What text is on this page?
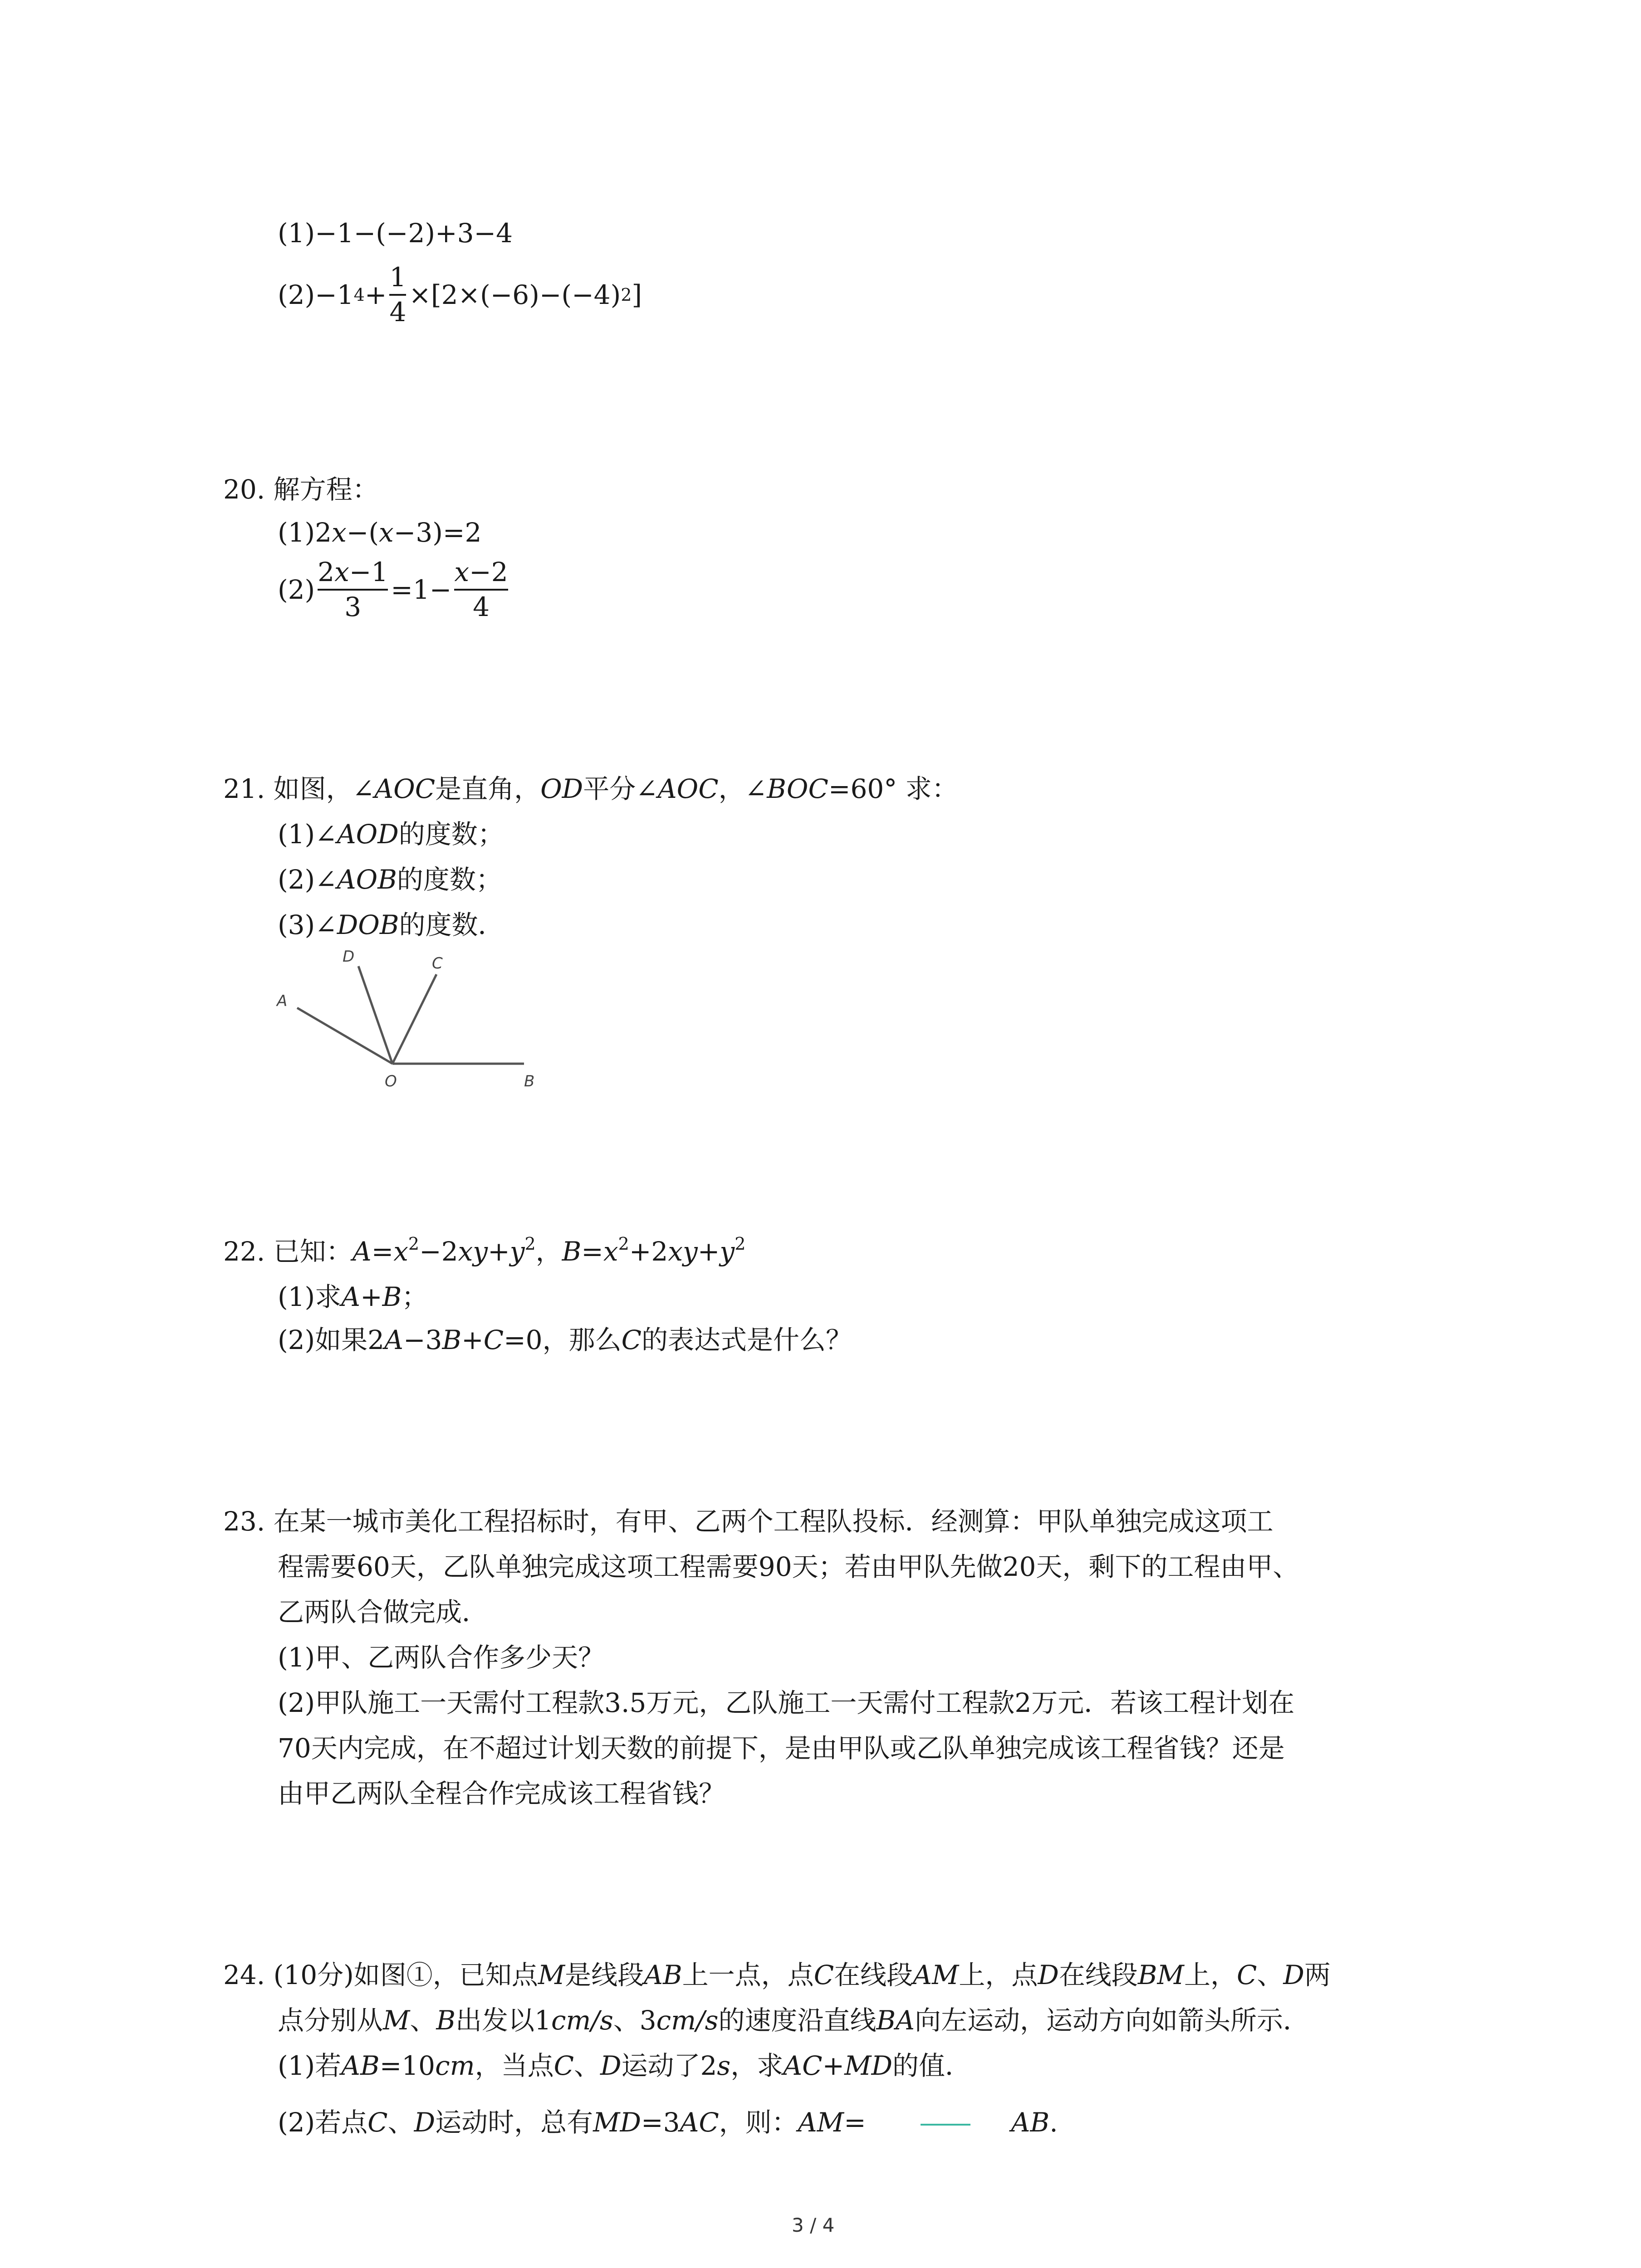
(1)−1−(−2)+3−4
(2)−1 $4 + \frac{1}{4} \times[2\times(-6)-(-4)$ 2 ]
20. 解方程：
(1)2x−(x−3)=2
$(2) \frac{2x-1}{3} =1- \frac{x-2}{4}$
21. 如图，∠AOC是直角，OD平分∠AOC，∠BOC=60° 求：
(1)∠AOD的度数；
(2)∠AOB的度数；
(3)∠DOB的度数．
A
D	C
O	B
22. 已知：$A=x^2-2xy+y^2$，$B=x^2+2xy+y^2$
(1)求A+B；
(2)如果2A−3B+C=0，那么C的表达式是什么？
23. 在某一城市美化工程招标时，有甲、乙两个工程队投标．经测算：甲队单独完成这项工
程需要60天，乙队单独完成这项工程需要90天；若由甲队先做20天，剩下的工程由甲、
乙两队合做完成．
(1)甲、乙两队合作多少天？
(2)甲队施工一天需付工程款3.5万元，乙队施工一天需付工程款2万元．若该工程计划在
70天内完成，在不超过计划天数的前提下，是由甲队或乙队单独完成该工程省钱？还是
由甲乙两队全程合作完成该工程省钱？
24. (10分)如图①，已知点M是线段AB上一点，点C在线段AM上，点D在线段BM上，C、D两
点分别从M、B出发以1cm/s、3cm/s的速度沿直线BA向左运动，运动方向如箭头所示．
(1)若AB=10cm，当点C、D运动了2s，求AC+MD的值．
(2)若点C、D运动时，总有MD=3AC，则：AM=	AB.
3 / 4
